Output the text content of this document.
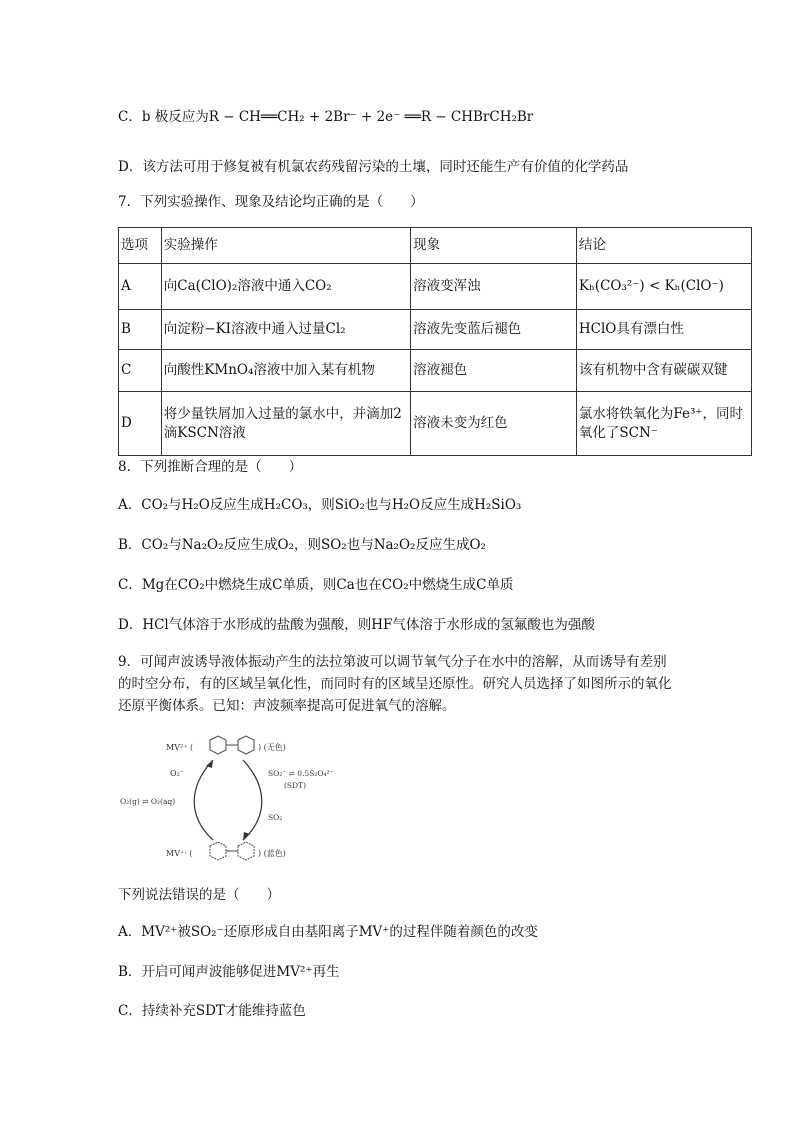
C．b 极反应为R − CH══CH₂ + 2Br⁻ + 2e⁻ ══R − CHBrCH₂Br
D．该方法可用于修复被有机氯农药残留污染的土壤，同时还能生产有价值的化学药品
7．下列实验操作、现象及结论均正确的是（　　）
选项	实验操作	现象	结论
A	向Ca(ClO)₂溶液中通入CO₂	溶液变浑浊	Kₕ(CO₃²⁻) < Kₕ(ClO⁻)
B	向淀粉−KI溶液中通入过量Cl₂	溶液先变蓝后褪色	HClO具有漂白性
C	向酸性KMnO₄溶液中加入某有机物	溶液褪色	该有机物中含有碳碳双键
D	将少量铁屑加入过量的氯水中，并滴加2滴KSCN溶液	溶液未变为红色	氯水将铁氧化为Fe³⁺，同时氧化了SCN⁻
8．下列推断合理的是（　　）
A．CO₂与H₂O反应生成H₂CO₃，则SiO₂也与H₂O反应生成H₂SiO₃
B．CO₂与Na₂O₂反应生成O₂，则SO₂也与Na₂O₂反应生成O₂
C．Mg在CO₂中燃烧生成C单质，则Ca也在CO₂中燃烧生成C单质
D．HCl气体溶于水形成的盐酸为强酸，则HF气体溶于水形成的氢氟酸也为强酸
9．可闻声波诱导液体振动产生的法拉第波可以调节氧气分子在水中的溶解，从而诱导有差别的时空分布，有的区域呈氧化性，而同时有的区域呈还原性。研究人员选择了如图所示的氧化还原平衡体系。已知：声波频率提高可促进氧气的溶解。
MV²⁺ (	) (无色)
O₂⁻
O₂(g) ⇌ O₂(aq)
SO₂⁻ ⇌ 0.5S₂O₄²⁻
(SDT)
SO₂
MV⁺· (	) (蓝色)
下列说法错误的是（　　）
A．MV²⁺被SO₂⁻还原形成自由基阳离子MV⁺的过程伴随着颜色的改变
B．开启可闻声波能够促进MV²⁺再生
C．持续补充SDT才能维持蓝色
